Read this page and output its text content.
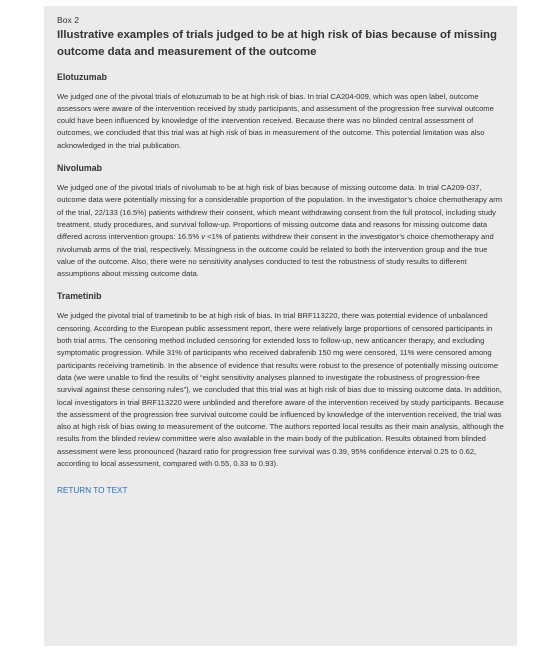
Box 2

Illustrative examples of trials judged to be at high risk of bias because of missing outcome data and measurement of the outcome
Elotuzumab

We judged one of the pivotal trials of elotuzumab to be at high risk of bias. In trial CA204-009, which was open label, outcome assessors were aware of the intervention received by study participants, and assessment of the progression free survival outcome could have been influenced by knowledge of the intervention received. Because there was no blinded central assessment of outcomes, we concluded that this trial was at high risk of bias in measurement of the outcome. This potential limitation was also acknowledged in the trial publication.

Nivolumab

We judged one of the pivotal trials of nivolumab to be at high risk of bias because of missing outcome data. In trial CA209-037, outcome data were potentially missing for a considerable proportion of the population. In the investigator’s choice chemotherapy arm of the trial, 22/133 (16.5%) patients withdrew their consent, which meant withdrawing consent from the full protocol, including study treatment, study procedures, and survival follow-up. Proportions of missing outcome data and reasons for missing outcome data differed across intervention groups: 16.5% v <1% of patients withdrew their consent in the investigator’s choice chemotherapy and nivolumab arms of the trial, respectively. Missingness in the outcome could be related to both the intervention group and the true value of the outcome. Also, there were no sensitivity analyses conducted to test the robustness of study results to different assumptions about missing outcome data.

Trametinib

We judged the pivotal trial of trametinib to be at high risk of bias. In trial BRF113220, there was potential evidence of unbalanced censoring. According to the European public assessment report, there were relatively large proportions of censored participants in both trial arms. The censoring method included censoring for extended loss to follow-up, new anticancer therapy, and excluding symptomatic progression. While 31% of participants who received dabrafenib 150 mg were censored, 11% were censored among participants receiving trametinib. In the absence of evidence that results were robust to the presence of potentially missing outcome data (we were unable to find the results of “eight sensitivity analyses planned to investigate the robustness of progression-free survival against these censoring rules”), we concluded that this trial was at high risk of bias due to missing outcome data. In addition, local investigators in trial BRF113220 were unblinded and therefore aware of the intervention received by study participants. Because the assessment of the progression free survival outcome could be influenced by knowledge of the intervention received, the trial was also at high risk of bias owing to measurement of the outcome. The authors reported local results as their main analysis, although the results from the blinded review committee were also available in the main body of the publication. Results obtained from blinded assessment were less pronounced (hazard ratio for progression free survival was 0.39, 95% confidence interval 0.25 to 0.62, according to local assessment, compared with 0.55, 0.33 to 0.93).

RETURN TO TEXT
